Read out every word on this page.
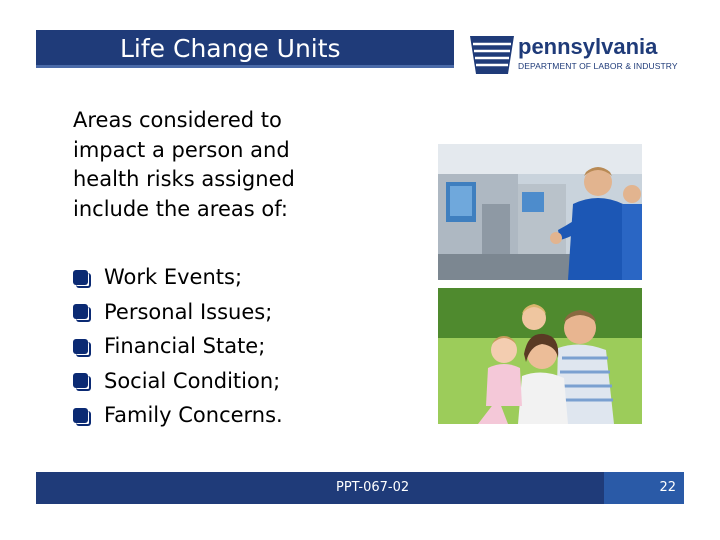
Life Change Units	pennsylvania
DEPARTMENT OF LABOR & INDUSTRY
Areas considered to
impact a person and
health risks assigned
include the areas of:
Work Events;
Personal Issues;
Financial State;
Social Condition;
Family Concerns.
PPT-067-02	22
